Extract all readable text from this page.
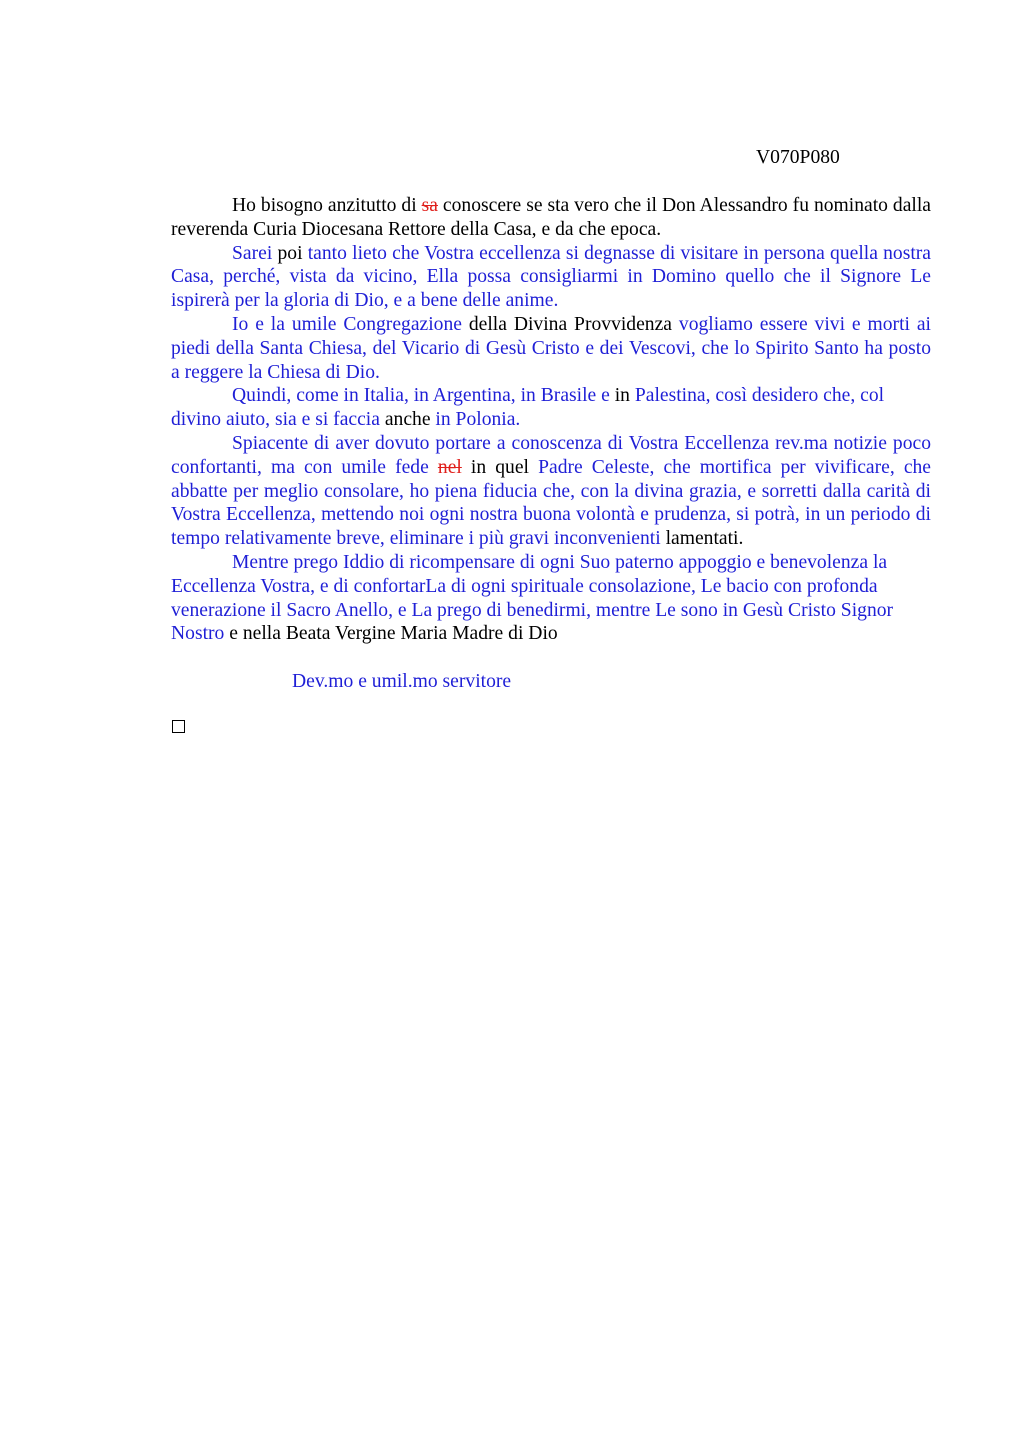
V070P080

Ho bisogno anzitutto di sa conoscere se sta vero che il Don Alessandro fu nominato dalla reverenda Curia Diocesana Rettore della Casa, e da che epoca.

Sarei poi tanto lieto che Vostra eccellenza si degnasse di visitare in persona quella nostra Casa, perché, vista da vicino, Ella possa consigliarmi in Domino quello che il Signore Le ispirerà per la gloria di Dio, e a bene delle anime.

Io e la umile Congregazione della Divina Provvidenza vogliamo essere vivi e morti ai piedi della Santa Chiesa, del Vicario di Gesù Cristo e dei Vescovi, che lo Spirito Santo ha posto a reggere la Chiesa di Dio.

Quindi, come in Italia, in Argentina, in Brasile e in Palestina, così desidero che, col divino aiuto, sia e si faccia anche in Polonia.

Spiacente di aver dovuto portare a conoscenza di Vostra Eccellenza rev.ma notizie poco confortanti, ma con umile fede nel in quel Padre Celeste, che mortifica per vivificare, che abbatte per meglio consolare, ho piena fiducia che, con la divina grazia, e sorretti dalla carità di Vostra Eccellenza, mettendo noi ogni nostra buona volontà e prudenza, si potrà, in un periodo di tempo relativamente breve, eliminare i più gravi inconvenienti lamentati.

Mentre prego Iddio di ricompensare di ogni Suo paterno appoggio e benevolenza la Eccellenza Vostra, e di confortarLa di ogni spirituale consolazione, Le bacio con profonda venerazione il Sacro Anello, e La prego di benedirmi, mentre Le sono in Gesù Cristo Signor Nostro e nella Beata Vergine Maria Madre di Dio

Dev.mo e umil.mo servitore
